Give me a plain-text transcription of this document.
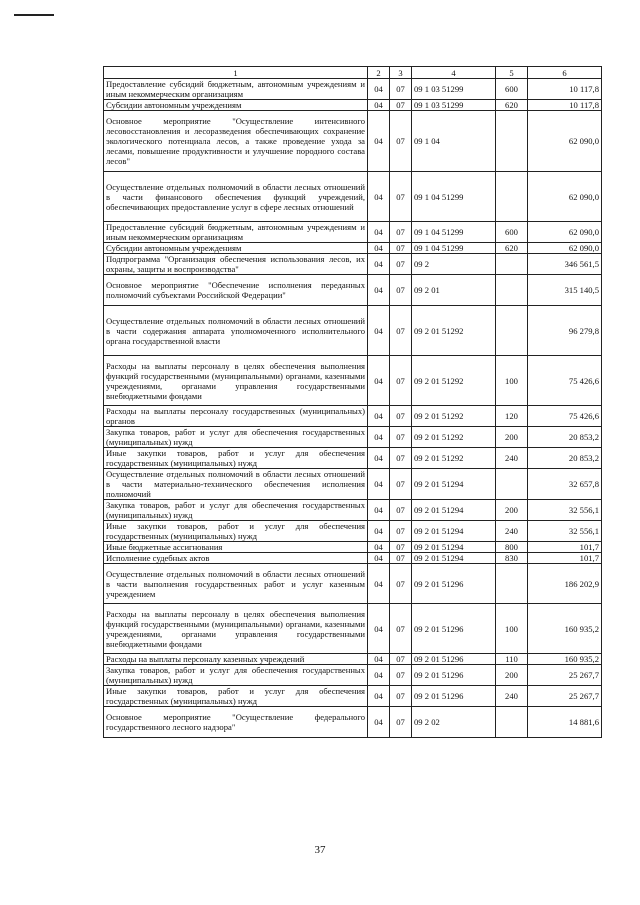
1	2	3	4	5	6
Предоставление субсидий бюджетным, автономным учреждениям и иным некоммерческим организациям	04	07	09 1 03 51299	600	10 117,8
Субсидии автономным учреждениям	04	07	09 1 03 51299	620	10 117,8
Основное мероприятие "Осуществление интенсивного лесовосстановления и лесоразведения обеспечивающих сохранение экологического потенциала лесов, а также проведение ухода за лесами, повышение продуктивности и улучшение породного состава лесов"	04	07	09 1 04		62 090,0
Осуществление отдельных полномочий в области лесных отношений в части финансового обеспечения функций учреждений, обеспечивающих предоставление услуг в сфере лесных отношений	04	07	09 1 04 51299		62 090,0
Предоставление субсидий бюджетным, автономным учреждениям и иным некоммерческим организациям	04	07	09 1 04 51299	600	62 090,0
Субсидии автономным учреждениям	04	07	09 1 04 51299	620	62 090,0
Подпрограмма "Организация обеспечения использования лесов, их охраны, защиты и воспроизводства"	04	07	09 2		346 561,5
Основное мероприятие "Обеспечение исполнения переданных полномочий субъектами Российской Федерации"	04	07	09 2 01		315 140,5
Осуществление отдельных полномочий в области лесных отношений в части содержания аппарата уполномоченного исполнительного органа государственной власти	04	07	09 2 01 51292		96 279,8
Расходы на выплаты персоналу в целях обеспечения выполнения функций государственными (муниципальными) органами, казенными учреждениями, органами управления государственными внебюджетными фондами	04	07	09 2 01 51292	100	75 426,6
Расходы на выплаты персоналу государственных (муниципальных) органов	04	07	09 2 01 51292	120	75 426,6
Закупка товаров, работ и услуг для обеспечения государственных (муниципальных) нужд	04	07	09 2 01 51292	200	20 853,2
Иные закупки товаров, работ и услуг для обеспечения государственных (муниципальных) нужд	04	07	09 2 01 51292	240	20 853,2
Осуществление отдельных полномочий в области лесных отношений в части материально-технического обеспечения исполнения полномочий	04	07	09 2 01 51294		32 657,8
Закупка товаров, работ и услуг для обеспечения государственных (муниципальных) нужд	04	07	09 2 01 51294	200	32 556,1
Иные закупки товаров, работ и услуг для обеспечения государственных (муниципальных) нужд	04	07	09 2 01 51294	240	32 556,1
Иные бюджетные ассигнования	04	07	09 2 01 51294	800	101,7
Исполнение судебных актов	04	07	09 2 01 51294	830	101,7
Осуществление отдельных полномочий в области лесных отношений в части выполнения государственных работ и услуг казенным учреждением	04	07	09 2 01 51296		186 202,9
Расходы на выплаты персоналу в целях обеспечения выполнения функций государственными (муниципальными) органами, казенными учреждениями, органами управления государственными внебюджетными фондами	04	07	09 2 01 51296	100	160 935,2
Расходы на выплаты персоналу казенных учреждений	04	07	09 2 01 51296	110	160 935,2
Закупка товаров, работ и услуг для обеспечения государственных (муниципальных) нужд	04	07	09 2 01 51296	200	25 267,7
Иные закупки товаров, работ и услуг для обеспечения государственных (муниципальных) нужд	04	07	09 2 01 51296	240	25 267,7
Основное мероприятие "Осуществление федерального государственного лесного надзора"	04	07	09 2 02		14 881,6
37
